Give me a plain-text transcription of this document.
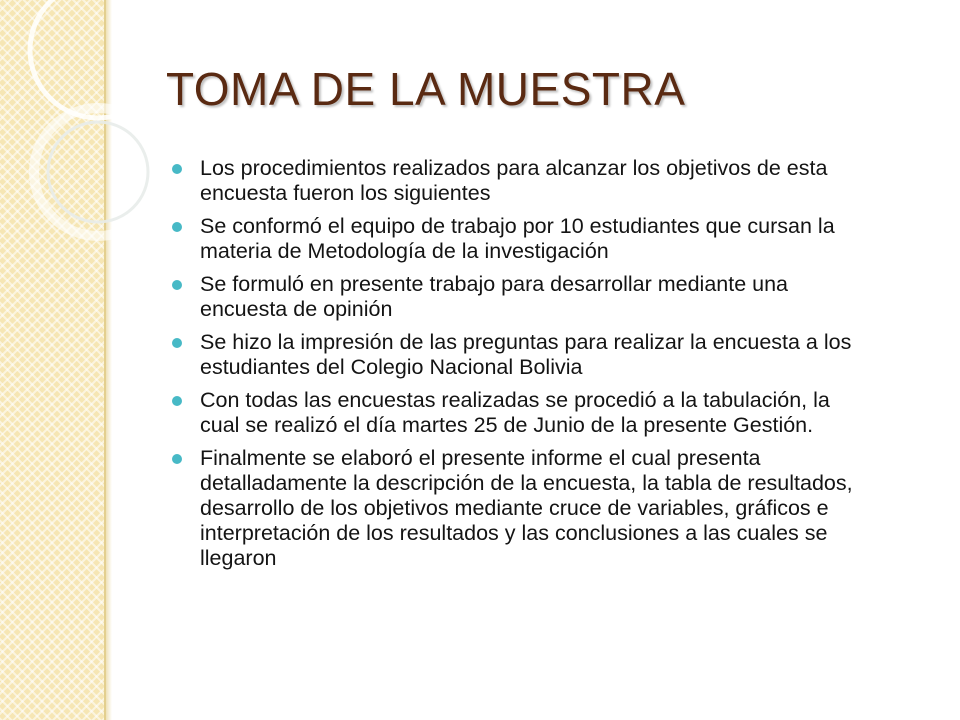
TOMA DE LA MUESTRA
Los procedimientos realizados para alcanzar los objetivos de esta encuesta fueron los siguientes
Se conformó el equipo de trabajo por 10 estudiantes que cursan la materia de Metodología de la investigación
Se formuló en presente trabajo para desarrollar mediante una encuesta de opinión
Se hizo la impresión de las preguntas para realizar la encuesta a los estudiantes del Colegio Nacional Bolivia
Con todas las encuestas realizadas se procedió a la tabulación, la cual se realizó el día martes 25 de Junio de la presente Gestión.
Finalmente se elaboró el presente informe el cual presenta detalladamente la descripción de la encuesta, la tabla de resultados, desarrollo de los objetivos mediante cruce de variables, gráficos e interpretación de los resultados y las conclusiones a las cuales se llegaron
